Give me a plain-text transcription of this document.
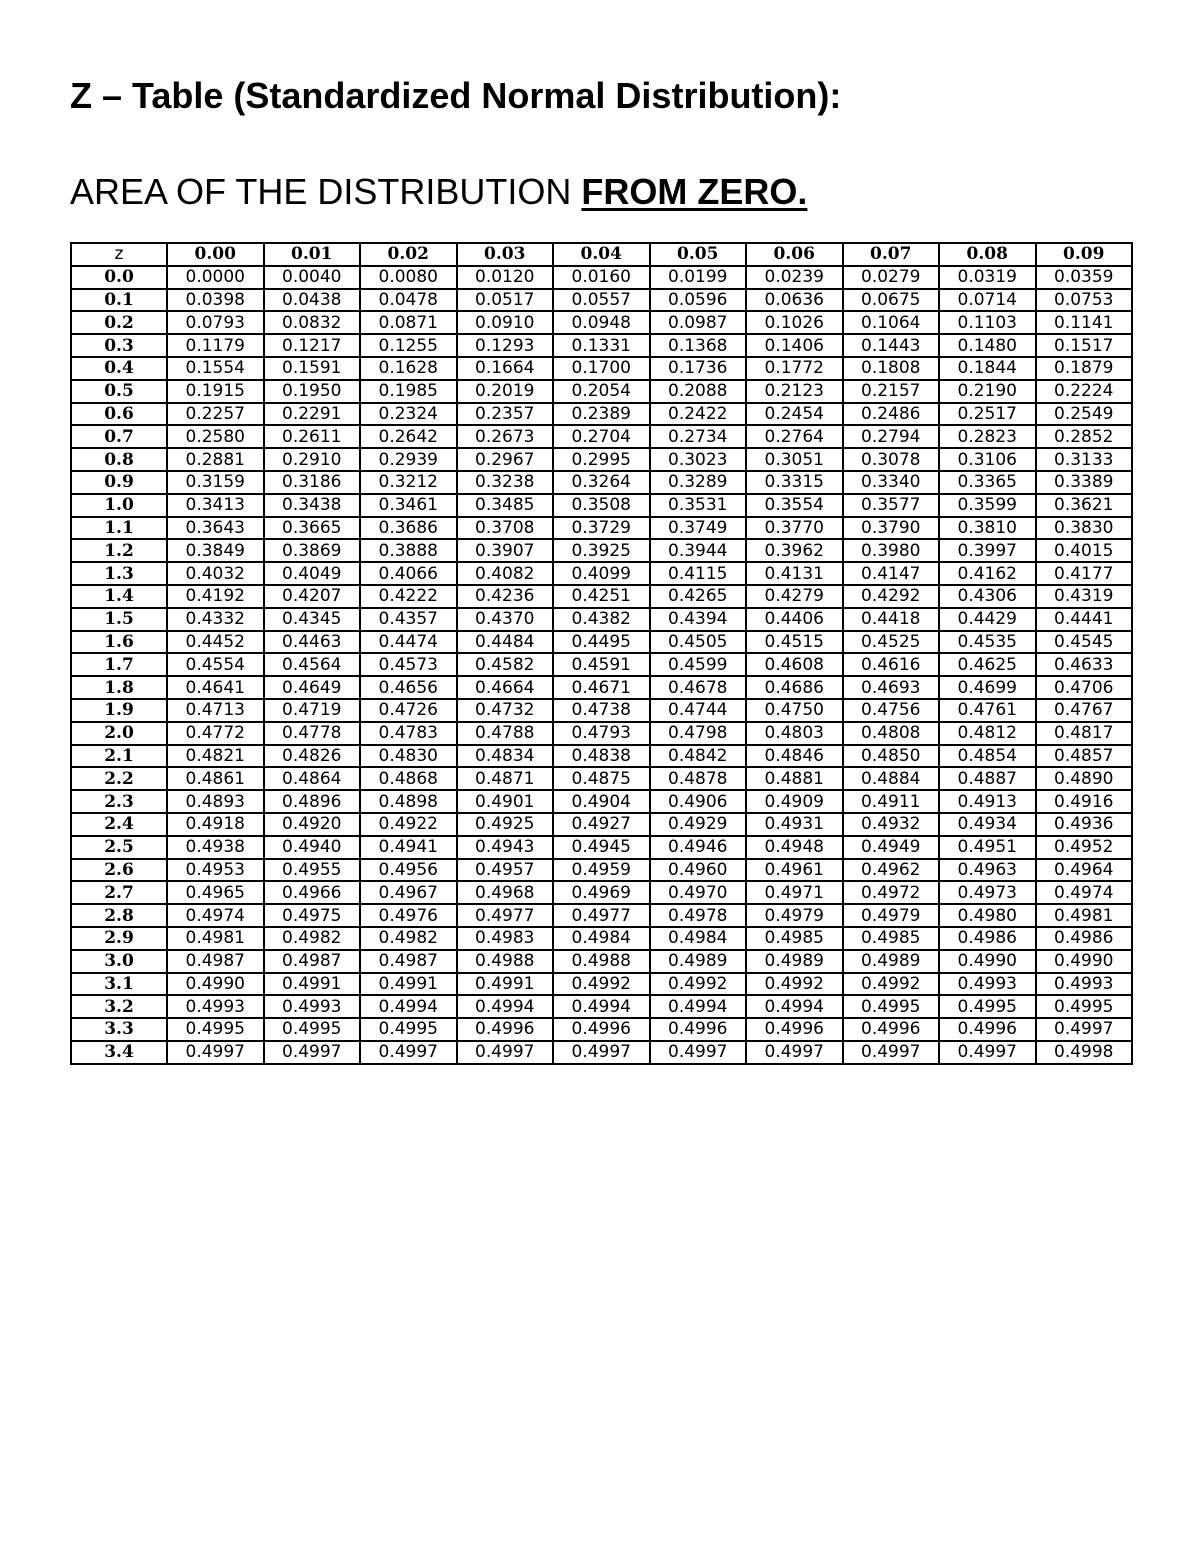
Z – Table (Standardized Normal Distribution):
AREA OF THE DISTRIBUTION FROM ZERO.
z	0.00	0.01	0.02	0.03	0.04	0.05	0.06	0.07	0.08	0.09
0.0	0.0000	0.0040	0.0080	0.0120	0.0160	0.0199	0.0239	0.0279	0.0319	0.0359
0.1	0.0398	0.0438	0.0478	0.0517	0.0557	0.0596	0.0636	0.0675	0.0714	0.0753
0.2	0.0793	0.0832	0.0871	0.0910	0.0948	0.0987	0.1026	0.1064	0.1103	0.1141
0.3	0.1179	0.1217	0.1255	0.1293	0.1331	0.1368	0.1406	0.1443	0.1480	0.1517
0.4	0.1554	0.1591	0.1628	0.1664	0.1700	0.1736	0.1772	0.1808	0.1844	0.1879
0.5	0.1915	0.1950	0.1985	0.2019	0.2054	0.2088	0.2123	0.2157	0.2190	0.2224
0.6	0.2257	0.2291	0.2324	0.2357	0.2389	0.2422	0.2454	0.2486	0.2517	0.2549
0.7	0.2580	0.2611	0.2642	0.2673	0.2704	0.2734	0.2764	0.2794	0.2823	0.2852
0.8	0.2881	0.2910	0.2939	0.2967	0.2995	0.3023	0.3051	0.3078	0.3106	0.3133
0.9	0.3159	0.3186	0.3212	0.3238	0.3264	0.3289	0.3315	0.3340	0.3365	0.3389
1.0	0.3413	0.3438	0.3461	0.3485	0.3508	0.3531	0.3554	0.3577	0.3599	0.3621
1.1	0.3643	0.3665	0.3686	0.3708	0.3729	0.3749	0.3770	0.3790	0.3810	0.3830
1.2	0.3849	0.3869	0.3888	0.3907	0.3925	0.3944	0.3962	0.3980	0.3997	0.4015
1.3	0.4032	0.4049	0.4066	0.4082	0.4099	0.4115	0.4131	0.4147	0.4162	0.4177
1.4	0.4192	0.4207	0.4222	0.4236	0.4251	0.4265	0.4279	0.4292	0.4306	0.4319
1.5	0.4332	0.4345	0.4357	0.4370	0.4382	0.4394	0.4406	0.4418	0.4429	0.4441
1.6	0.4452	0.4463	0.4474	0.4484	0.4495	0.4505	0.4515	0.4525	0.4535	0.4545
1.7	0.4554	0.4564	0.4573	0.4582	0.4591	0.4599	0.4608	0.4616	0.4625	0.4633
1.8	0.4641	0.4649	0.4656	0.4664	0.4671	0.4678	0.4686	0.4693	0.4699	0.4706
1.9	0.4713	0.4719	0.4726	0.4732	0.4738	0.4744	0.4750	0.4756	0.4761	0.4767
2.0	0.4772	0.4778	0.4783	0.4788	0.4793	0.4798	0.4803	0.4808	0.4812	0.4817
2.1	0.4821	0.4826	0.4830	0.4834	0.4838	0.4842	0.4846	0.4850	0.4854	0.4857
2.2	0.4861	0.4864	0.4868	0.4871	0.4875	0.4878	0.4881	0.4884	0.4887	0.4890
2.3	0.4893	0.4896	0.4898	0.4901	0.4904	0.4906	0.4909	0.4911	0.4913	0.4916
2.4	0.4918	0.4920	0.4922	0.4925	0.4927	0.4929	0.4931	0.4932	0.4934	0.4936
2.5	0.4938	0.4940	0.4941	0.4943	0.4945	0.4946	0.4948	0.4949	0.4951	0.4952
2.6	0.4953	0.4955	0.4956	0.4957	0.4959	0.4960	0.4961	0.4962	0.4963	0.4964
2.7	0.4965	0.4966	0.4967	0.4968	0.4969	0.4970	0.4971	0.4972	0.4973	0.4974
2.8	0.4974	0.4975	0.4976	0.4977	0.4977	0.4978	0.4979	0.4979	0.4980	0.4981
2.9	0.4981	0.4982	0.4982	0.4983	0.4984	0.4984	0.4985	0.4985	0.4986	0.4986
3.0	0.4987	0.4987	0.4987	0.4988	0.4988	0.4989	0.4989	0.4989	0.4990	0.4990
3.1	0.4990	0.4991	0.4991	0.4991	0.4992	0.4992	0.4992	0.4992	0.4993	0.4993
3.2	0.4993	0.4993	0.4994	0.4994	0.4994	0.4994	0.4994	0.4995	0.4995	0.4995
3.3	0.4995	0.4995	0.4995	0.4996	0.4996	0.4996	0.4996	0.4996	0.4996	0.4997
3.4	0.4997	0.4997	0.4997	0.4997	0.4997	0.4997	0.4997	0.4997	0.4997	0.4998
